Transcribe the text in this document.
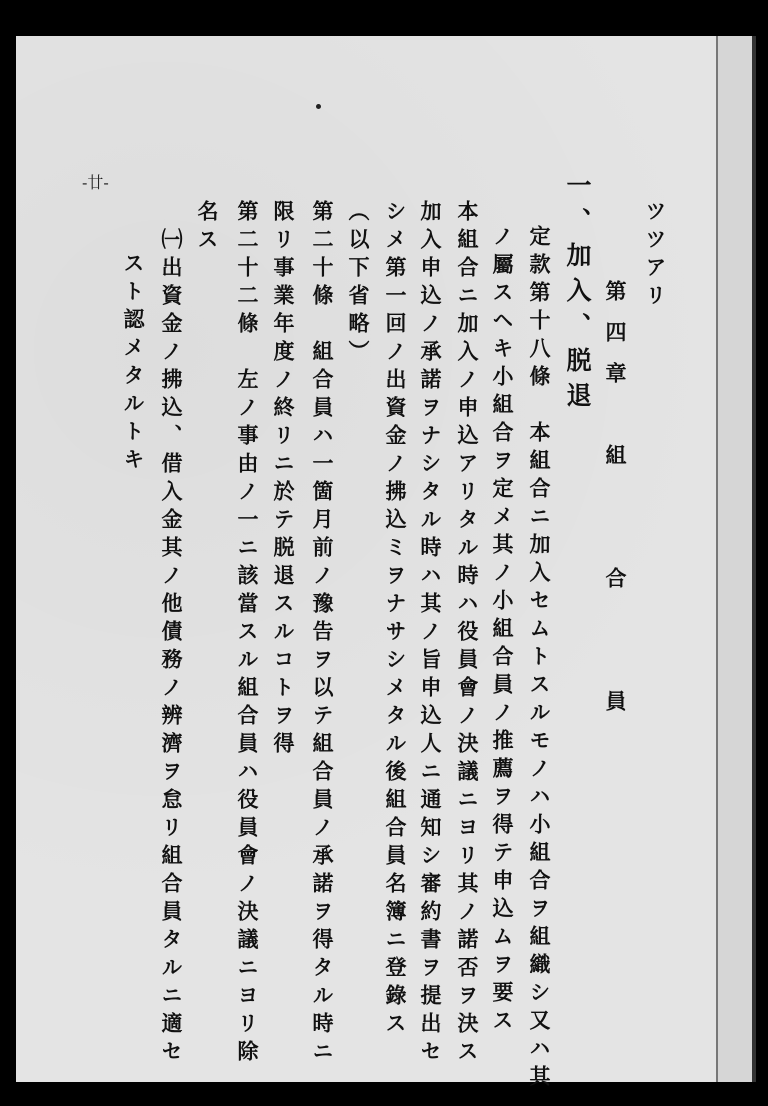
-廿-
ツツアリ
第四章　組　　合　　員
一、加入、脱退
定款第十八條　本組合ニ加入セムトスルモノハ小組合ヲ組織シ又ハ其
ノ屬スヘキ小組合ヲ定メ其ノ小組合員ノ推薦ヲ得テ申込ムヲ要ス
本組合ニ加入ノ申込アリタル時ハ役員會ノ決議ニヨリ其ノ諾否ヲ決ス
加入申込ノ承諾ヲナシタル時ハ其ノ旨申込人ニ通知シ審約書ヲ提出セ
シメ第一回ノ出資金ノ拂込ミヲナサシメタル後組合員名簿ニ登錄ス
（以下省略）
第二十條　組合員ハ一箇月前ノ豫告ヲ以テ組合員ノ承諾ヲ得タル時ニ
限リ事業年度ノ終リニ於テ脱退スルコトヲ得
第二十二條　左ノ事由ノ一ニ該當スル組合員ハ役員會ノ決議ニヨリ除
名ス
㈠出資金ノ拂込、借入金其ノ他債務ノ辨濟ヲ怠リ組合員タルニ適セ
スト認メタルトキ
